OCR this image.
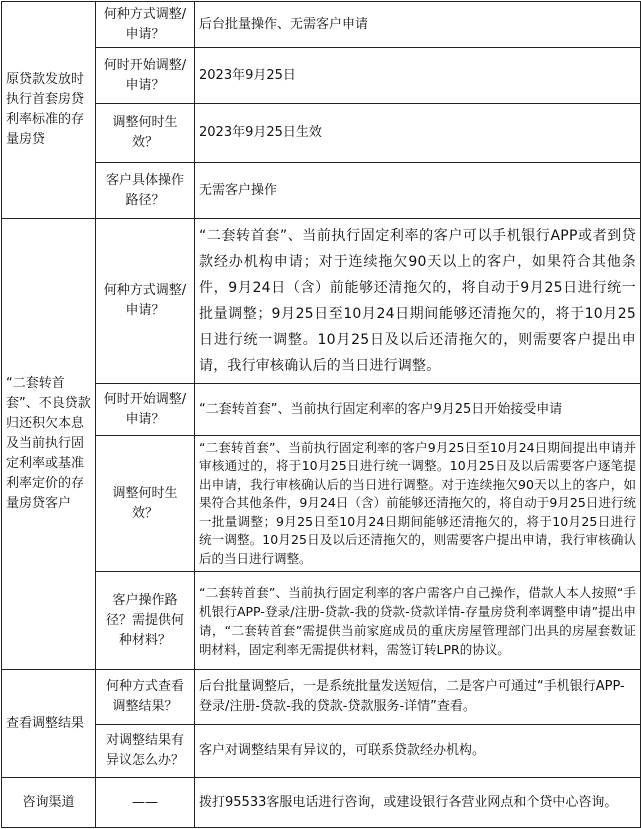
原贷款发放时执行首套房贷利率标准的存量房贷	何种方式调整/申请？	后台批量操作、无需客户申请
	何时开始调整/申请？	2023年9月25日
	调整何时生效？	2023年9月25日生效
	客户具体操作路径？	无需客户操作
“二套转首套”、不良贷款归还积欠本息及当前执行固定利率或基准利率定价的存量房贷客户	何种方式调整/申请？	“二套转首套”、当前执行固定利率的客户可以手机银行APP或者到贷款经办机构申请；对于连续拖欠90天以上的客户，如果符合其他条件，9月24日（含）前能够还清拖欠的，将自动于9月25日进行统一批量调整；9月25日至10月24日期间能够还清拖欠的，将于10月25日进行统一调整。10月25日及以后还清拖欠的，则需要客户提出申请，我行审核确认后的当日进行调整。
	何时开始调整/申请？	“二套转首套”、当前执行固定利率的客户9月25日开始接受申请
	调整何时生效？	“二套转首套”、当前执行固定利率的客户9月25日至10月24日期间提出申请并审核通过的，将于10月25日进行统一调整。10月25日及以后需要客户逐笔提出申请，我行审核确认后的当日进行调整。对于连续拖欠90天以上的客户，如果符合其他条件，9月24日（含）前能够还清拖欠的，将自动于9月25日进行统一批量调整；9月25日至10月24日期间能够还清拖欠的，将于10月25日进行统一调整。10月25日及以后还清拖欠的，则需要客户提出申请，我行审核确认后的当日进行调整。
	客户操作路径？需提供何种材料？	“二套转首套”、当前执行固定利率的客户需客户自己操作，借款人本人按照“手机银行APP-登录/注册-贷款-我的贷款-贷款详情-存量房贷利率调整申请”提出申请，“二套转首套”需提供当前家庭成员的重庆房屋管理部门出具的房屋套数证明材料，固定利率无需提供材料，需签订转LPR的协议。
查看调整结果	何种方式查看调整结果？	后台批量调整后，一是系统批量发送短信，二是客户可通过“手机银行APP-登录/注册-贷款-我的贷款-贷款服务-详情”查看。
	对调整结果有异议怎么办？	客户对调整结果有异议的，可联系贷款经办机构。
咨询渠道	——	拨打95533客服电话进行咨询，或建设银行各营业网点和个贷中心咨询。
